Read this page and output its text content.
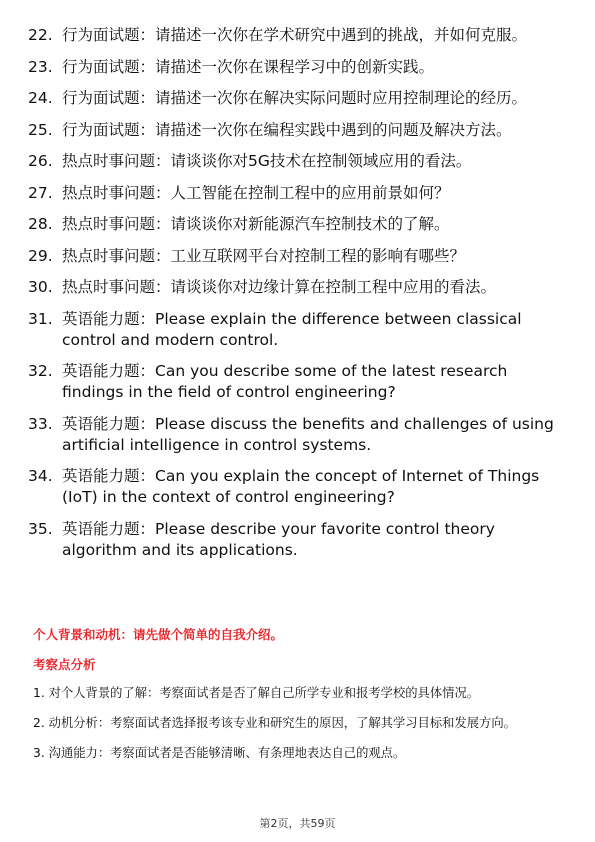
22. 行为面试题：请描述一次你在学术研究中遇到的挑战，并如何克服。
23. 行为面试题：请描述一次你在课程学习中的创新实践。
24. 行为面试题：请描述一次你在解决实际问题时应用控制理论的经历。
25. 行为面试题：请描述一次你在编程实践中遇到的问题及解决方法。
26. 热点时事问题：请谈谈你对5G技术在控制领域应用的看法。
27. 热点时事问题：人工智能在控制工程中的应用前景如何？
28. 热点时事问题：请谈谈你对新能源汽车控制技术的了解。
29. 热点时事问题：工业互联网平台对控制工程的影响有哪些？
30. 热点时事问题：请谈谈你对边缘计算在控制工程中应用的看法。
31. 英语能力题：Please explain the difference between classical control and modern control.
32. 英语能力题：Can you describe some of the latest research findings in the field of control engineering?
33. 英语能力题：Please discuss the benefits and challenges of using artificial intelligence in control systems.
34. 英语能力题：Can you explain the concept of Internet of Things (IoT) in the context of control engineering?
35. 英语能力题：Please describe your favorite control theory algorithm and its applications.
个人背景和动机：请先做个简单的自我介绍。
考察点分析
1. 对个人背景的了解：考察面试者是否了解自己所学专业和报考学校的具体情况。
2. 动机分析：考察面试者选择报考该专业和研究生的原因，了解其学习目标和发展方向。
3. 沟通能力：考察面试者是否能够清晰、有条理地表达自己的观点。
第2页，共59页
